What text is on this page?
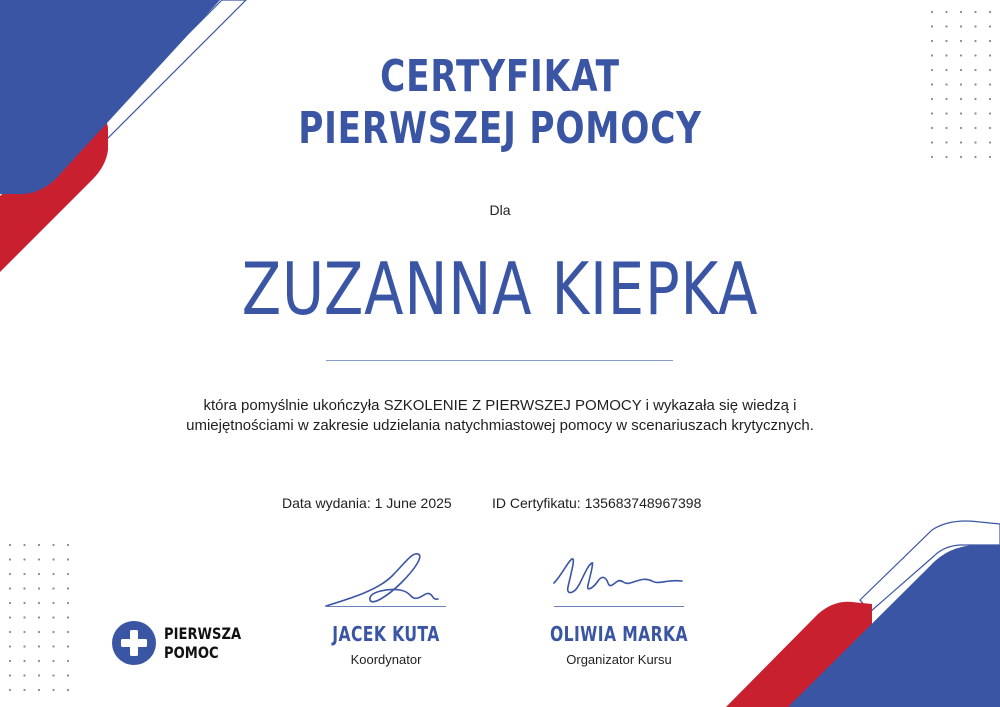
CERTYFIKAT
PIERWSZEJ POMOCY
Dla
ZUZANNA KIEPKA

która pomyślnie ukończyła SZKOLENIE Z PIERWSZEJ POMOCY i wykazała się wiedzą i umiejętnościami w zakresie udzielania natychmiastowej pomocy w scenariuszach krytycznych.

Data wydania: 1 June 2025	ID Certyfikatu: 135683748967398
JACEK KUTA
Koordynator
OLIWIA MARKA
Organizator Kursu
PIERWSZA
POMOC
